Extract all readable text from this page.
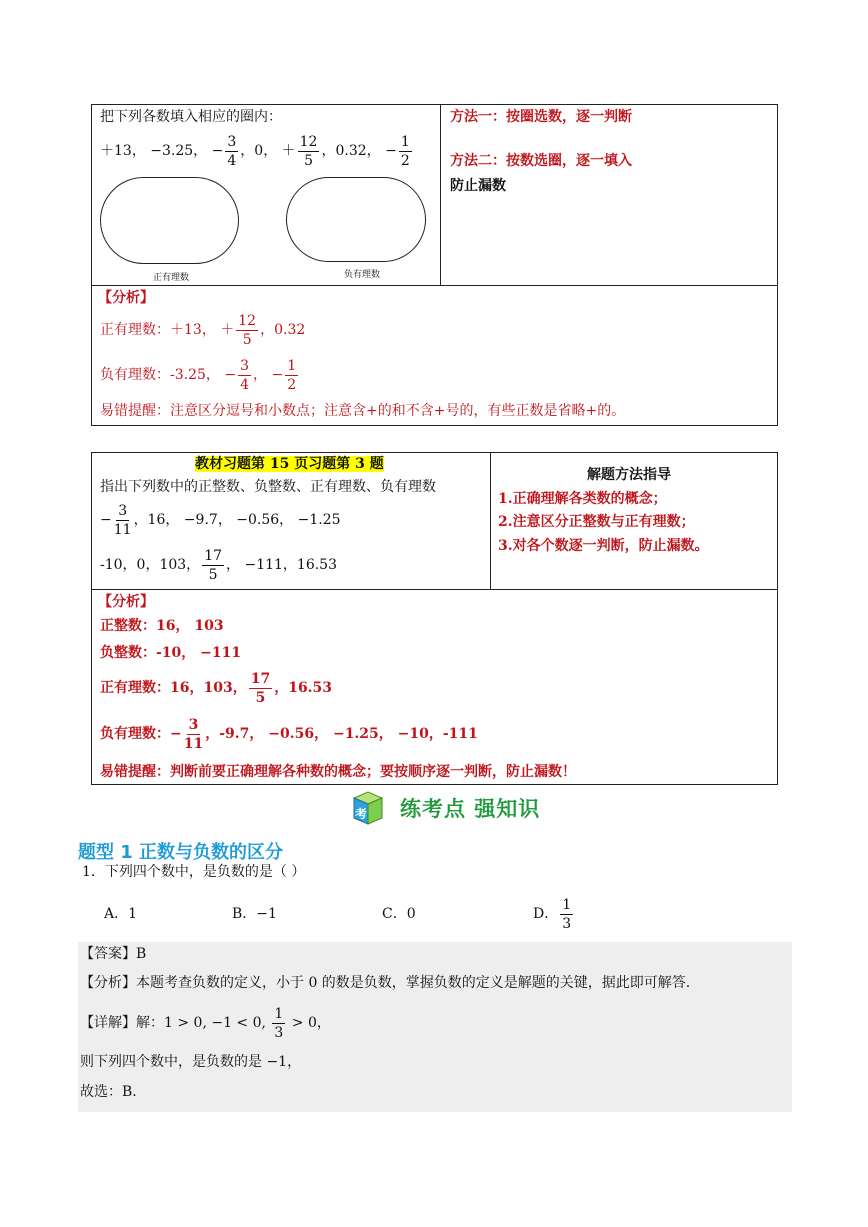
把下列各数填入相应的圈内：
＋13， −3.25， − $\frac{3}{4}$ ，0， ＋ $\frac{12}{5}$ ，0.32， − $\frac{1}{2}$
正有理数	负有理数
方法一：按圈选数，逐一判断
方法二：按数选圈，逐一填入
防止漏数
【分析】
正有理数：＋13， ＋ $\frac{12}{5}$ ，0.32
负有理数：-3.25， − $\frac{3}{4}$ ， − $\frac{1}{2}$
易错提醒：注意区分逗号和小数点；注意含+的和不含+号的，有些正数是省略+的。
教材习题第 15 页习题第 3 题
指出下列数中的正整数、负整数、正有理数、负有理数
− $\frac{3}{11}$ ，16， −9.7， −0.56， −1.25
-10，0，103， $\frac{17}{5}$ ， −111，16.53
解题方法指导
1.正确理解各类数的概念；
2.注意区分正整数与正有理数；
3.对各个数逐一判断，防止漏数。
【分析】
正整数：16， 103
负整数：-10， −111
正有理数：16，103， $\frac{17}{5}$ ，16.53
负有理数：− $\frac{3}{11}$ ，-9.7， −0.56， −1.25， −10，-111
易错提醒：判断前要正确理解各种数的概念；要按顺序逐一判断，防止漏数！
考 练考点 强知识
题型 1 正数与负数的区分
1．下列四个数中，是负数的是（ ）
A．1	B．−1	C．0	D． $\frac{1}{3}$
【答案】B
【分析】本题考查负数的定义，小于 0 的数是负数，掌握负数的定义是解题的关键，据此即可解答.
【详解】解：1 > 0, −1 < 0, $\frac{1}{3} > 0$，
则下列四个数中，是负数的是 −1，
故选：B.
